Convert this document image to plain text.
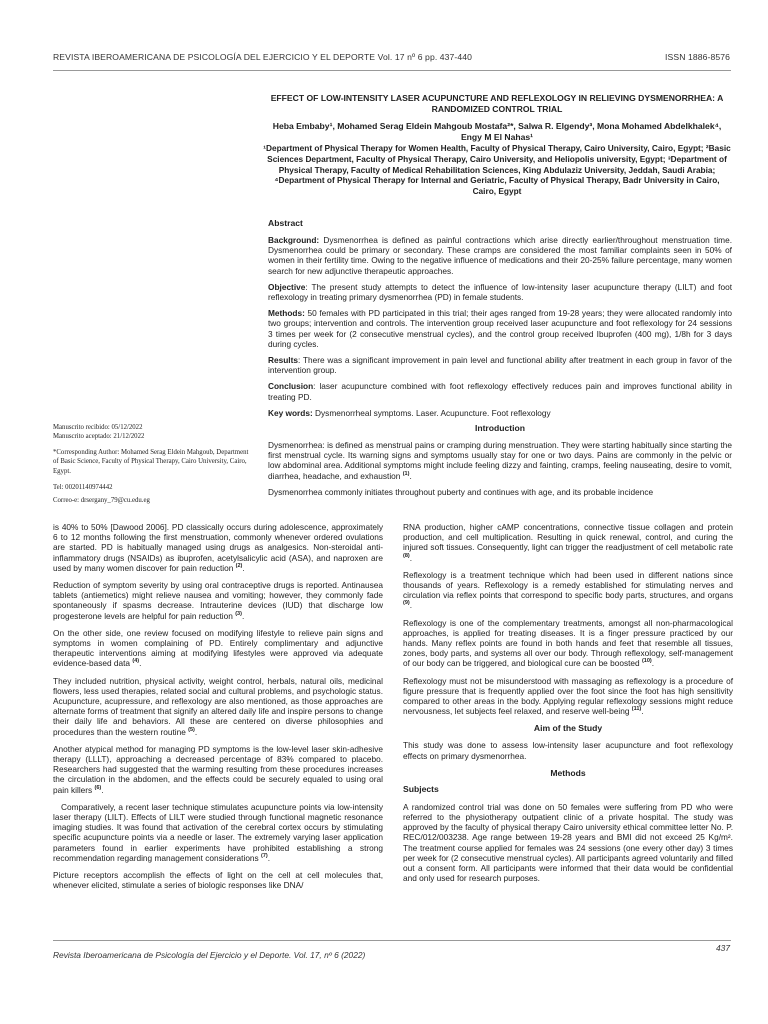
REVISTA IBEROAMERICANA DE PSICOLOGÍA DEL EJERCICIO Y EL DEPORTE Vol. 17 nº 6 pp. 437-440	ISSN 1886-8576
EFFECT OF LOW-INTENSITY LASER ACUPUNCTURE AND REFLEXOLOGY IN RELIEVING DYSMENORRHEA: A RANDOMIZED CONTROL TRIAL
Heba Embaby¹, Mohamed Serag Eldein Mahgoub Mostafa²*, Salwa R. Elgendy³, Mona Mohamed Abdelkhalek⁴, Engy M El Nahas¹
¹Department of Physical Therapy for Women Health, Faculty of Physical Therapy, Cairo University, Cairo, Egypt; ²Basic Sciences Department, Faculty of Physical Therapy, Cairo University, and Heliopolis university, Egypt; ³Department of Physical Therapy, Faculty of Medical Rehabilitation Sciences, King Abdulaziz University, Jeddah, Saudi Arabia; ⁴Department of Physical Therapy for Internal and Geriatric, Faculty of Physical Therapy, Badr University in Cairo, Cairo, Egypt
Abstract

Background: Dysmenorrhea is defined as painful contractions which arise directly earlier/throughout menstruation time. Dysmenorrhea could be primary or secondary. These cramps are considered the most familiar complaints seen in 50% of women in their fertility time. Owing to the negative influence of medications and their 20-25% failure percentage, many women search for new adjunctive therapeutic approaches.

Objective: The present study attempts to detect the influence of low-intensity laser acupuncture therapy (LILT) and foot reflexology in treating primary dysmenorrhea (PD) in female students.

Methods: 50 females with PD participated in this trial; their ages ranged from 19-28 years; they were allocated randomly into two groups; intervention and controls. The intervention group received laser acupuncture and foot reflexology for 24 sessions 3 times per week for (2 consecutive menstrual cycles), and the control group received Ibuprofen (400 mg), 1/8h for 3 days during cycles.

Results: There was a significant improvement in pain level and functional ability after treatment in each group in favor of the intervention group.

Conclusion: laser acupuncture combined with foot reflexology effectively reduces pain and improves functional ability in treating PD.

Key words: Dysmenorrheal symptoms. Laser. Acupuncture. Foot reflexology

Introduction

Dysmenorrhea: is defined as menstrual pains or cramping during menstruation. They were starting habitually since starting the first menstrual cycle. Its warning signs and symptoms usually stay for one or two days. Pains are commonly in the pelvic or low abdominal area. Additional symptoms might include feeling dizzy and fainting, cramps, feeling nauseating, desire to vomit, diarrhea, headache, and exhaustion $^{(1)}$.

Dysmenorrhea commonly initiates throughout puberty and continues with age, and its probable incidence

Manuscrito recibido: 05/12/2022
Manuscrito aceptado: 21/12/2022
*Corresponding Author: Mohamed Serag Eldein Mahgoub, Department of Basic Science, Faculty of Physical Therapy, Cairo University, Cairo, Egypt.
Tel: 00201140974442
Correo-e: drsergany_79@cu.edu.eg

is 40% to 50% [Dawood 2006]. PD classically occurs during adolescence, approximately 6 to 12 months following the first menstruation, commonly whenever ordered ovulations are started. PD is habitually managed using drugs as analgesics. Non-steroidal anti-inflammatory drugs (NSAIDs) as ibuprofen, acetylsalicylic acid (ASA), and naproxen are used by many women discover for pain reduction $^{(2)}$.

Reduction of symptom severity by using oral contraceptive drugs is reported. Antinausea tablets (antiemetics) might relieve nausea and vomiting; however, they commonly fade spontaneously if spasms decrease. Intrauterine devices (IUD) that discharge low progesterone levels are helpful for pain reduction $^{(3)}$.

On the other side, one review focused on modifying lifestyle to relieve pain signs and symptoms in women complaining of PD. Entirely complimentary and adjunctive therapeutic interventions aiming at modifying lifestyles were approved via adequate evidence-based data $^{(4)}$.

They included nutrition, physical activity, weight control, herbals, natural oils, medicinal flowers, less used therapies, related social and cultural problems, and psychologic status. Acupuncture, acupressure, and reflexology are also mentioned, as those approaches are alternate forms of treatment that signify an altered daily life and inspire persons to change their daily life and behaviors. All these are centered on diverse philosophies and procedures than the western routine $^{(5)}$.

Another atypical method for managing PD symptoms is the low-level laser skin-adhesive therapy (LLLT), approaching a decreased percentage of 83% compared to placebo. Researchers had suggested that the warming resulting from these procedures increases the circulation in the abdomen, and the effects could be securely equaled to using oral pain killers $^{(6)}$.

Comparatively, a recent laser technique stimulates acupuncture points via low-intensity laser therapy (LILT). Effects of LILT were studied through functional magnetic resonance imaging studies. It was found that activation of the cerebral cortex occurs by stimulating specific acupuncture points via a needle or laser. The extremely varying laser application parameters found in earlier experiments have prohibited establishing a strong recommendation regarding management considerations $^{(7)}$.

Picture receptors accomplish the effects of light on the cell at cell molecules that, whenever elicited, stimulate a series of biologic responses like DNA/

RNA production, higher cAMP concentrations, connective tissue collagen and protein production, and cell multiplication. Resulting in quick renewal, control, and curing the injured soft tissues. Consequently, light can trigger the readjustment of cell metabolic rate $^{(8)}$.

Reflexology is a treatment technique which had been used in different nations since thousands of years. Reflexology is a remedy established for stimulating nerves and circulation via reflex points that correspond to specific body parts, structures, and organs $^{(9)}$.

Reflexology is one of the complementary treatments, amongst all non-pharmacological approaches, is applied for treating diseases. It is a finger pressure practiced by our hands. Many reflex points are found in both hands and feet that resemble all tissues, zones, body parts, and systems all over our body. Through reflexology, self-management of our body can be triggered, and biological cure can be boosted $^{(10)}$.

Reflexology must not be misunderstood with massaging as reflexology is a procedure of figure pressure that is frequently applied over the foot since the foot has high sensitivity compared to other areas in the body. Applying regular reflexology sessions might reduce nervousness, let subjects feel relaxed, and reserve well-being $^{(11)}$.

Aim of the Study

This study was done to assess low-intensity laser acupuncture and foot reflexology effects on primary dysmenorrhea.

Methods
Subjects

A randomized control trial was done on 50 females were suffering from PD who were referred to the physiotherapy outpatient clinic of a private hospital. The study was approved by the faculty of physical therapy Cairo university ethical committee letter No. P. REC/012/003238. Age range between 19-28 years and BMI did not exceed 25 Kg/m². The treatment course applied for females was 24 sessions (one every other day) 3 times per week for (2 consecutive menstrual cycles). All participants agreed voluntarily and filled out a consent form. All participants were informed that their data would be confidential and only used for research purposes.

Revista Iberoamericana de Psicología del Ejercicio y el Deporte. Vol. 17, nº 6 (2022)
437
